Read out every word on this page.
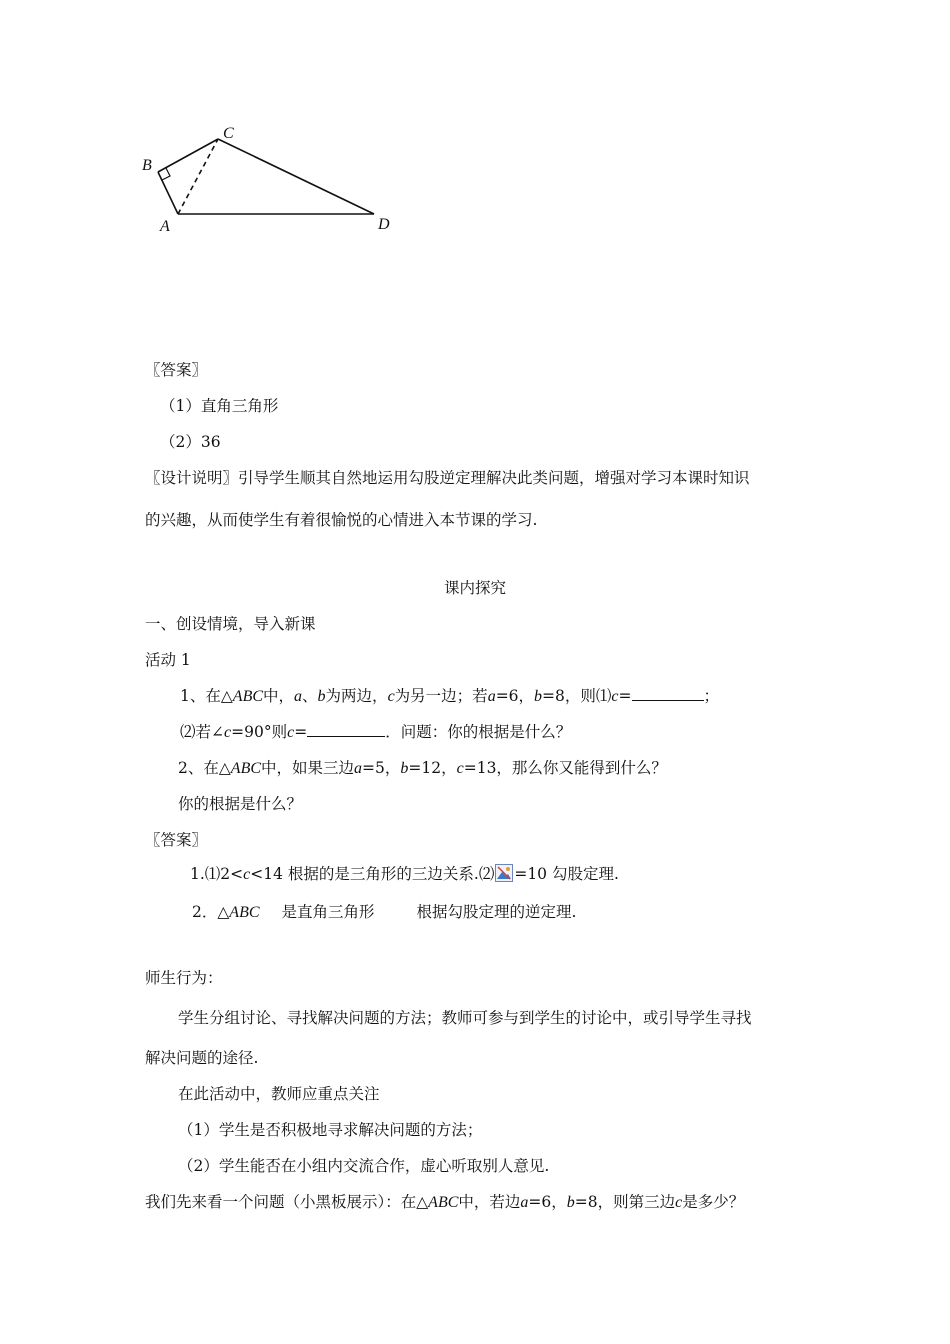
B
C
A	D
〖答案〗
（1）直角三角形
（2）36
〖设计说明〗引导学生顺其自然地运用勾股逆定理解决此类问题，增强对学习本课时知识
的兴趣，从而使学生有着很愉悦的心情进入本节课的学习.
课内探究
一、创设情境，导入新课
活动 1
1、在△ABC中，a、b为两边，c为另一边；若a=6，b=8，则⑴c=	；
⑵若∠c=90°则c=	．问题：你的根据是什么？
2、在△ABC中，如果三边a=5，b=12，c=13，那么你又能得到什么？
你的根据是什么？
〖答案〗
1.⑴2<c<14 根据的是三角形的三边关系.⑵ =10 勾股定理.
2．△ABC 是直角三角形	根据勾股定理的逆定理.
师生行为：
学生分组讨论、寻找解决问题的方法；教师可参与到学生的讨论中，或引导学生寻找
解决问题的途径.
在此活动中，教师应重点关注
（1）学生是否积极地寻求解决问题的方法；
（2）学生能否在小组内交流合作，虚心听取别人意见.
我们先来看一个问题（小黑板展示）：在△ABC中，若边a=6，b=8，则第三边c是多少？
